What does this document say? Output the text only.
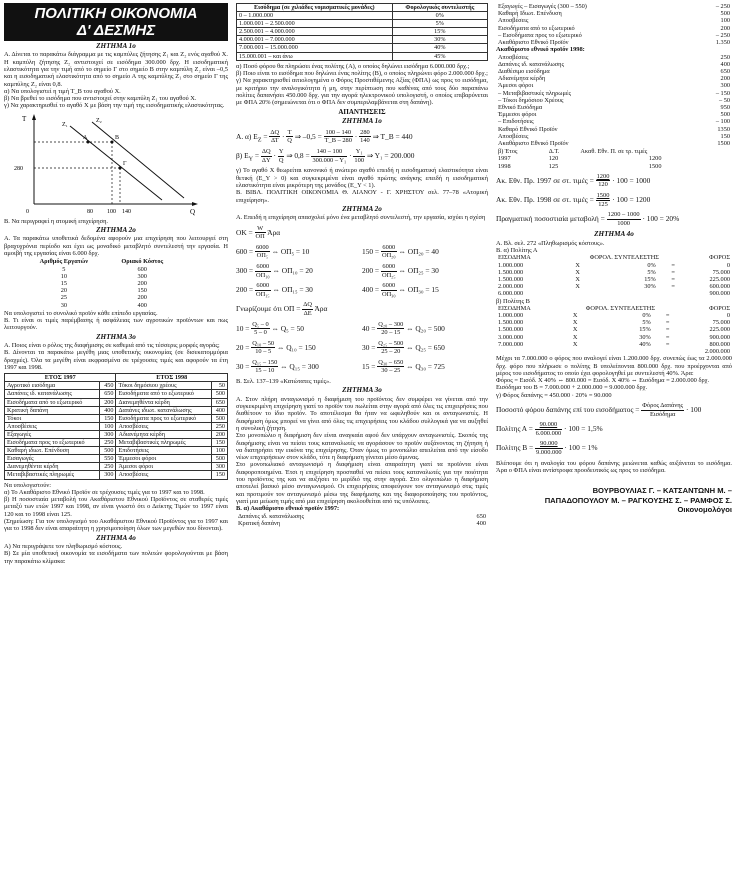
ΠΟΛΙΤΙΚΗ ΟΙΚΟΝΟΜΙΑ
Δ' ΔΕΣΜΗΣ
ΖΗΤΗΜΑ 1ο

Α. Δίνεται το παρακάτω διάγραμμα με τις καμπύλες ζήτησης Ζ₁ και Ζ₂ ενός αγαθού Χ. Η καμπύλη ζήτησης Ζ₂ αντιστοιχεί σε εισόδημα 300.000 δρχ. Η εισοδηματική ελαστικότητα για την τιμή από το σημείο Γ στο σημείο Β στην καμπύλη Ζ₂ είναι –0,5 και η εισοδηματική ελαστικότητα από το σημείο Α της καμπύλης Ζ₁ στο σημείο Γ της καμπύλης Ζ₂ είναι 0,8.

α) Να υπολογιστεί η τιμή Τ_Β του αγαθού Χ.

β) Να βρεθεί το εισόδημα που αντιστοιχεί στην καμπύλη Ζ₁ του αγαθού Χ.

γ) Να χαρακτηρισθεί το αγαθό Χ με βάση την τιμή της εισοδηματικής ελαστικότητας.

Τ
Q
0
280
80 100 140
Α	Β
Γ
Ζ₁
Ζ₂

Β. Να περιγραφεί η ατομική επιχείρηση.

ΖΗΤΗΜΑ 2ο

Α. Τα παρακάτω υποθετικά δεδομένα αφορούν μια επιχείρηση που λειτουργεί στη βραχυχρόνια περίοδο και έχει ως μοναδικό μεταβλητό συντελεστή την εργασία. Η αμοιβή της εργασίας είναι 6.000 δρχ.

Αριθμός Εργατών	Οριακό Κόστος
5	600
10	300
15	200
20	150
25	200
30	400

Να υπολογιστεί το συνολικό προϊόν κάθε επίπεδο εργασίας.

Β. Τι είναι οι τιμές παρέμβασης ή ασφάλειας των αγροτικών προϊόντων και πως λειτουργούν.

ΖΗΤΗΜΑ 3ο

Α. Ποιος είναι ο ρόλος της διαφήμισης σε καθεμιά από τις τέσσερις μορφές αγοράς;

Β. Δίνονται τα παρακάτω μεγέθη μιας υποθετικής οικονομίας (σε δισεκατομμύρια δραχμές). Όλα τα μεγέθη είναι εκφρασμένα σε τρέχουσες τιμές και αφορούν τα έτη 1997 και 1998.

ΕΤΟΣ 1997		ΕΤΟΣ 1998	
Αγροτικό εισόδημα	450	Τόκοι δημόσιου χρέους	50
Δαπάνες ιδ. κατανάλωσης	650	Εισοδήματα από το εξωτερικό	500
Εισοδήματα από το εξωτερικό	200	Διανεμηθέντα κέρδη	650
Κρατική δαπάνη	400	Δαπάνες ιδιωτ. κατανάλωσης	400
Τόκοι	150	Εισοδήματα προς το εξωτερικό	500
Αποσβέσεις	100	Αποσβέσεις	250
Εξαγωγές	300	Αδιανέμητα κέρδη	200
Εισοδήματα προς το εξωτερικό	250	Μεταβιβαστικές πληρωμές	150
Καθαρή ιδιωτ. Επένδυση	500	Επιδοτήσεις	100
Εισαγωγές	550	Έμμεσοι φόροι	500
Διανεμηθέντα κέρδη	250	Άμεσοι φόροι	300
Μεταβιβαστικές πληρωμές	300	Αποσβέσεις	150

Να υπολογιστούν:

α) Το Ακαθάριστο Εθνικό Προϊόν σε τρέχουσες τιμές για το 1997 και το 1998.

β) Η ποσοστιαία μεταβολή του Ακαθάριστου Εθνικού Προϊόντος σε σταθερές τιμές μεταξύ των ετών 1997 και 1998, αν είναι γνωστό ότι ο Δείκτης Τιμών το 1997 είναι 120 και το 1998 είναι 125.

(Σημείωση: Για τον υπολογισμό του Ακαθάριστου Εθνικού Προϊόντος για το 1997 και για το 1998 δεν είναι απαραίτητη η χρησιμοποίηση όλων των μεγεθών που δίνονται).

ΖΗΤΗΜΑ 4ο

Α) Να περιγράψετε τον πληθωρισμό κόστους.

Β) Σε μία υποθετική οικονομία τα εισοδήματα των πολιτών φορολογούνται με βάση την παρακάτω κλίμακα:

Εισόδημα (σε χιλιάδες νομισματικές μονάδες)	Φορολογικός συντελεστής
0 – 1.000.000	0%
1.000.001 – 2.500.000	5%
2.500.001 – 4.000.000	15%
4.000.001 – 7.000.000	30%
7.000.001 – 15.000.000	40%
15.000.001 – και άνω	45%

α) Ποσό φόρου θα πληρώσει ένας πολίτης (Α), ο οποίος δηλώνει εισόδημα 6.000.000 δρχ.;

β) Ποιο είναι το εισόδημα που δηλώνει ένας πολίτης (Β), ο οποίος πληρώνει φόρο 2.000.000 δρχ.;

γ) Να χαρακτηρισθεί αιτιολογημένα ο Φόρος Προστιθέμενης Αξίας (ΦΠΑ) ως προς το εισόδημα, με κριτήριο την αναλογικότητα ή μη, στην περίπτωση που καθένας από τους δύο παραπάνω πολίτες δαπανήσει 450.000 δρχ. για την αγορά ηλεκτρονικού υπολογιστή, ο οποίος επιβαρύνεται με ΦΠΑ 20% (σημειώνεται ότι ο ΦΠΑ δεν συμπεριλαμβάνεται στη δαπάνη).

ΑΠΑΝΤΗΣΕΙΣ
ΖΗΤΗΜΑ 1ο
Α. α) $E_Z = \frac{\Delta Q}{\Delta T} \cdot \frac{T}{Q}$ ⇒ $-0,5 = \frac{100 - 140}{T\_B - 280} \cdot \frac{280}{140}$ ⇒ Τ_Β = 440
β) $E_Y = \frac{\Delta Q}{\Delta Y} \cdot \frac{Y}{Q}$ ⇒ $0,8 = \frac{140 - 100}{\text{300.000 – Y₁}} \cdot \frac{\text{Y₁}}{100}$ ⇒ Y₁ = 200.000

γ) Το αγαθό Χ θεωρείται κανονικό ή ανώτερο αγαθό επειδή η εισοδηματική ελαστικότητα είναι θετική (Ε_Y > 0) και συγκεκριμένα είναι αγαθό πρώτης ανάγκης επειδή η εισοδηματική ελαστικότητα είναι μικρότερη της μονάδος (Ε_Y < 1).

Β. ΒΙΒΛ. ΠΟΛΙΤΙΚΗ ΟΙΚΟΝΟΜΙΑ Θ. ΛΙΑΝΟΥ - Γ. ΧΡΗΣΤΟΥ σελ. 77–78 «Ατομική επιχείρηση».

ΖΗΤΗΜΑ 2ο

Α. Επειδή η επιχείρηση απασχολεί μόνο ένα μεταβλητό συντελεστή, την εργασία, ισχύει η σχέση

$OK = \frac{W}{O\Pi}$ Άρα
$600 = \frac{6000}{\text{ΟΠ₅}}$ ⇔ ΟΠ₅ = 10	$150 = \frac{6000}{\text{ΟΠ₂₀}}$ ⇔ ΟΠ₂₀ = 40
$300 = \frac{6000}{\text{ΟΠ₁₀}}$ ⇔ ΟΠ₁₀ = 20	$200 = \frac{6000}{\text{ΟΠ₂₅}}$ ⇔ ΟΠ₂₅ = 30
$200 = \frac{6000}{\text{ΟΠ₁₅}}$ ⇔ ΟΠ₁₅ = 30	$400 = \frac{6000}{\text{ΟΠ₃₀}}$ ⇔ ΟΠ₃₀ = 15
Γνωρίζουμε ότι $O\Pi = \frac{\Delta Q}{\Delta E}$ Άρα
$10 = \frac{\text{Q₅ – 0}}{5 - 0}$ ⇔ Q₅ = 50	$40 = \frac{\text{Q₂₀ – 300}}{20 - 15}$ ⇔ Q₂₀ = 500
$20 = \frac{\text{Q₁₀ – 50}}{10 - 5}$ ⇔ Q₁₀ = 150	$30 = \frac{\text{Q₂₅ – 500}}{25 - 20}$ ⇔ Q₂₅ = 650
$30 = \frac{\text{Q₁₅ – 150}}{15 - 10}$ ⇔ Q₁₅ = 300	$15 = \frac{\text{Q₃₀ – 650}}{30 - 25}$ ⇔ Q₃₀ = 725

Β. Σελ. 137–139 «Κατώτατες τιμές».

ΖΗΤΗΜΑ 3ο

Α. Στον πλήρη ανταγωνισμό η διαφήμιση του προϊόντος δεν συμφέρει να γίνεται από την συγκεκριμένη επιχείρηση γιατί το προϊόν του πωλείται στην αγορά από όλες τις επιχειρήσεις που διαθέτουν το ίδιο προϊόν. Το αποτέλεσμα θα ήταν να ωφεληθούν και οι ανταγωνιστές. Η διαφήμιση όμως μπορεί να γίνει από όλες τις επιχειρήσεις του κλάδου συλλογικά για να αυξηθεί η συνολική ζήτηση.

Στο μονοπώλιο η διαφήμιση δεν είναι αναγκαία αφού δεν υπάρχουν ανταγωνιστές. Σκοπός της διαφήμισης είναι να πείσει τους καταναλωτές να αγοράσουν το προϊόν αυξάνοντας τη ζήτηση ή να διατηρήσει την εικόνα της επιχείρησης. Όταν όμως το μονοπώλιο απειλείται από την είσοδο νέων επιχειρήσεων στον κλάδο, τότε η διαφήμιση γίνεται μέσο άμυνας.

Στο μονοπωλιακό ανταγωνισμό η διαφήμιση είναι απαραίτητη γιατί τα προϊόντα είναι διαφοροποιημένα. Έτσι η επιχείρηση προσπαθεί να πείσει τους καταναλωτές για την ποιότητα του προϊόντος της και να αυξήσει το μερίδιό της στην αγορά. Στο ολιγοπώλιο η διαφήμιση αποτελεί βασικό μέσο ανταγωνισμού. Οι επιχειρήσεις αποφεύγουν τον ανταγωνισμό στις τιμές και προτιμούν τον ανταγωνισμό μέσω της διαφήμισης και της διαφοροποίησης του προϊόντος, γιατί μια μείωση τιμής από μια επιχείρηση ακολουθείται από τις υπόλοιπες.

Β. α) Ακαθάριστο εθνικό προϊόν 1997:

Δαπάνες ιδ. κατανάλωσης	650
Κρατική δαπάνη	400
Εξαγωγές – Εισαγωγές (300 – 550)	– 250
Καθαρή Ιδιωτ. Επένδυση	500
Αποσβέσεις	100
Εισοδήματα από το εξωτερικό	200
– Εισοδήματα προς το εξωτερικό	– 250
Ακαθάριστο Εθνικό Προϊόν	1.350

Ακαθάριστο εθνικό προϊόν 1998:

Αποσβέσεις	250
Δαπάνες ιδ. κατανάλωσης	400
Διαθέσιμο εισόδημα	650
Αδιανέμητα κέρδη	200
Άμεσοι φόροι	300
– Μεταβιβαστικές πληρωμές	– 150
– Τόκοι δημόσιου Χρέους	– 50
Εθνικό Εισόδημα	950
Έμμεσοι φόροι	500
– Επιδοτήσεις	– 100
Καθαρό Εθνικό Προϊόν	1350
Αποσβέσεις	150
Ακαθάριστο Εθνικό Προϊόν	1500
β) Έτος	Δ.Τ.	Ακαθ. Εθν. Π. σε τρ. τιμές
1997	120	1200
1998	125	1500
Ακ. Εθν. Πρ. 1997 σε στ. $\tau\iota\mu έ\varsigma = \frac{1200}{120} \cdot 100 = 1000$
Ακ. Εθν. Πρ. 1998 σε στ. $\tau\iota\mu έ\varsigma = \frac{1500}{125} \cdot 100 = 1200$
Πραγματική ποσοστιαία $\mu\varepsilon\tau\alpha\beta o\lambda ή = \frac{1200 - 1000}{1000} \cdot 100 = 20\%$
ΖΗΤΗΜΑ 4ο

Α. Βλ. σελ. 272 «Πληθωρισμός κόστους».

Β. α) Πολίτης Α

ΕΙΣΟΔΗΜΑ	ΦΟΡΟΛ. ΣΥΝΤΕΛΕΣΤΗΣ			ΦΟΡΟΣ
1.000.000	Χ	0%	=	0
1.500.000	Χ	5%	=	75.000
1.500.000	Χ	15%	=	225.000
2.000.000	Χ	30%	=	600.000
6.000.000				900.000

β) Πολίτης Β

ΕΙΣΟΔΗΜΑ	ΦΟΡΟΛ. ΣΥΝΤΕΛΕΣΤΗΣ			ΦΟΡΟΣ
1.000.000	Χ	0%	=	0
1.500.000	Χ	5%	=	75.000
1.500.000	Χ	15%	=	225.000
3.000.000	Χ	30%	=	900.000
7.000.000	Χ	40%	=	800.000
				2.000.000

Μέχρι τα 7.000.000 ο φόρος που αναλογεί είναι 1.200.000 δρχ. συνεπώς έως τα 2.000.000 δρχ. φόρο που πλήρωσε ο πολίτης Β υπολείπονται 800.000 δρχ. που προέρχονται από μέρος του εισοδήματος το οποίο έχει φορολογηθεί με συντελεστή 40%. Άρα:

Φόρος = Εισόδ. Χ 40% ⇔ 800.000 = Εισόδ. Χ 40% ⇔ Εισόδημα = 2.000.000 δρχ.

Εισόδημα του Β = 7.000.000 + 2.000.000 = 9.000.000 δρχ.

γ) Φόρος δαπάνης = 450.000 · 20% = 90.000

Ποσοστό φόρου δαπάνης επί του $\varepsilon\iota\sigma o\delta ή\mu\alpha\tau o\varsigma = \frac{\text{Φόρος Δαπάνης}}{\text{Εισόδημα}} \cdot 100$
Πολίτης $A = \frac{90.000}{6.000.000} \cdot 100 = 1,5\%$
Πολίτης $B = \frac{90.000}{9.000.000} \cdot 100 = 1\%$

Βλέπουμε ότι η αναλογία του φόρου δαπάνης μειώνεται καθώς αυξάνεται το εισόδημα. Άρα ο ΦΠΑ είναι αντίστροφα προοδευτικός ως προς το εισόδημα.

ΒΟΥΡΒΟΥΛΙΑΣ Γ. – ΚΑΤΣΑΝΤΩΝΗ Μ. –
ΠΑΠΑΔΟΠΟΥΛΟΥ Μ. – ΡΑΓΚΟΥΣΗΣ Σ. – ΡΑΜΦΟΣ Σ.
Οικονομολόγοι
